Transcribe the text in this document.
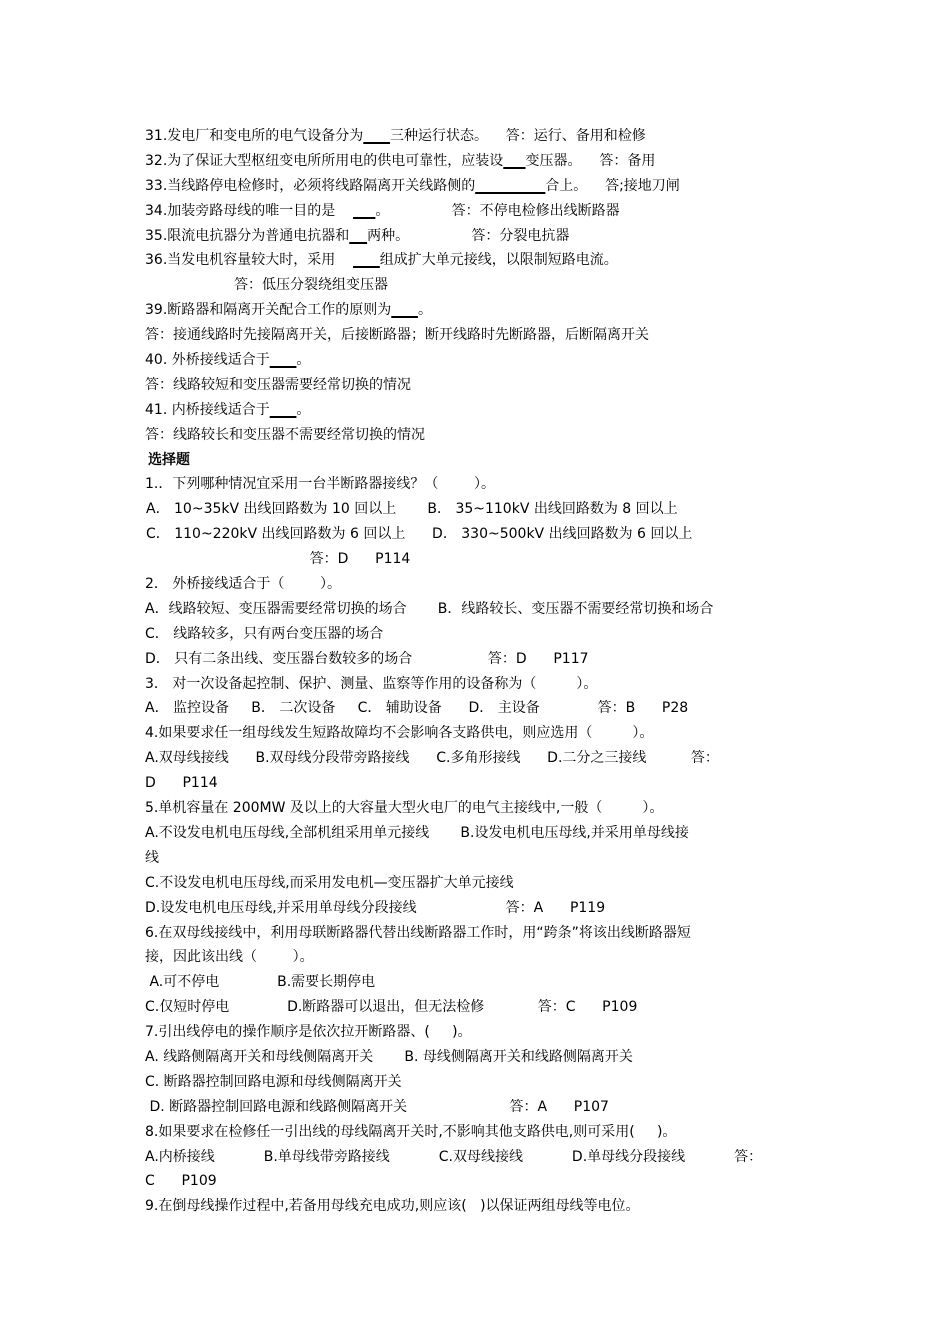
31.发电厂和变电所的电气设备分为 三种运行状态。    答：运行、备用和检修
32.为了保证大型枢纽变电所所用电的供电可靠性，应装设 变压器。    答：备用
33.当线路停电检修时，必须将线路隔离开关线路侧的__________合上。    答;接地刀闸
34.加装旁路母线的唯一目的是         。              答：不停电检修出线断路器
35.限流电抗器分为普通电抗器和 两种。              答：分裂电抗器
36.当发电机容量较大时，采用          组成扩大单元接线，以限制短路电流。
答：低压分裂绕组变压器
39.断路器和隔离开关配合工作的原则为 。
答：接通线路时先接隔离开关，后接断路器；断开线路时先断路器，后断隔离开关
40. 外桥接线适合于 。
答：线路较短和变压器需要经常切换的情况
41. 内桥接线适合于 。
答：线路较长和变压器不需要经常切换的情况
选择题
1.．下列哪种情况宜采用一台半断路器接线？（        ）。
A． 10~35kV 出线回路数为 10 回以上       B． 35~110kV 出线回路数为 8 回以上
C． 110~220kV 出线回路数为 6 回以上      D． 330~500kV 出线回路数为 6 回以上
答：D      P114
2． 外桥接线适合于（        ）。
A．线路较短、变压器需要经常切换的场合       B．线路较长、变压器不需要经常切换和场合
C． 线路较多，只有两台变压器的场合
D． 只有二条出线、变压器台数较多的场合                 答：D      P117
3． 对一次设备起控制、保护、测量、监察等作用的设备称为（         ）。
A． 监控设备     B． 二次设备     C． 辅助设备      D． 主设备             答：B      P28
4.如果要求任一组母线发生短路故障均不会影响各支路供电，则应选用（         ）。
A.双母线接线      B.双母线分段带旁路接线      C.多角形接线      D.二分之三接线          答：
D      P114
5.单机容量在 200MW 及以上的大容量大型火电厂的电气主接线中,一般（         ）。
A.不设发电机电压母线,全部机组采用单元接线       B.设发电机电压母线,并采用单母线接
线
C.不设发电机电压母线,而采用发电机—变压器扩大单元接线
D.设发电机电压母线,并采用单母线分段接线                    答：A      P119
6.在双母线接线中，利用母联断路器代替出线断路器工作时，用“跨条”将该出线断路器短
接，因此该出线（        ）。
A.可不停电             B.需要长期停电
C.仅短时停电             D.断路器可以退出，但无法检修            答：C      P109
7.引出线停电的操作顺序是依次拉开断路器、(     )。
A. 线路侧隔离开关和母线侧隔离开关       B. 母线侧隔离开关和线路侧隔离开关
C. 断路器控制回路电源和母线侧隔离开关
D. 断路器控制回路电源和线路侧隔离开关                       答：A      P107
8.如果要求在检修任一引出线的母线隔离开关时,不影响其他支路供电,则可采用(     )。
A.内桥接线           B.单母线带旁路接线           C.双母线接线           D.单母线分段接线           答：
C      P109
9.在倒母线操作过程中,若备用母线充电成功,则应该(   )以保证两组母线等电位。
